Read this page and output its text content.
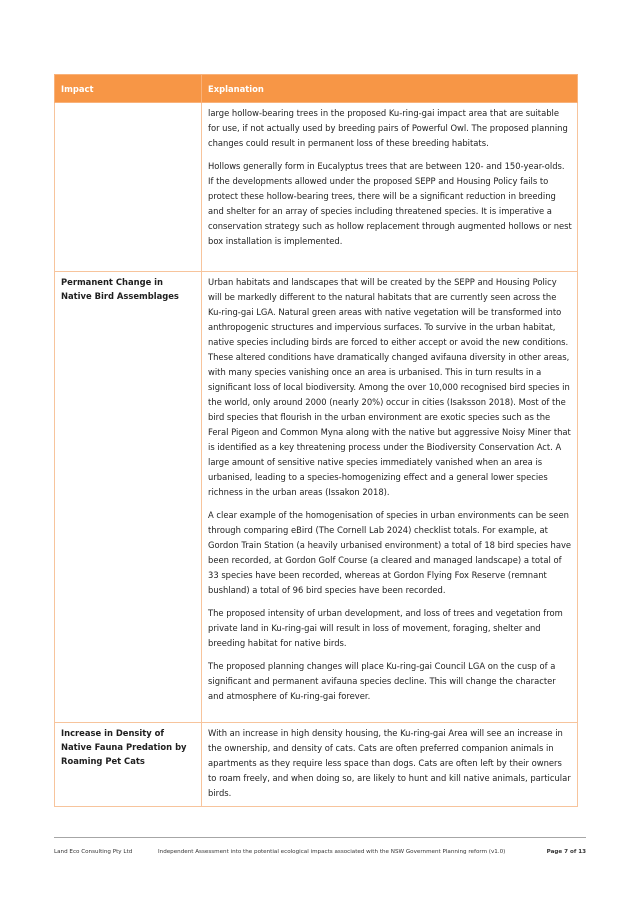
Impact	Explanation

	large hollow-bearing trees in the proposed Ku-ring-gai impact area that are suitable for use, if not actually used by breeding pairs of Powerful Owl. The proposed planning changes could result in permanent loss of these breeding habitats.

Hollows generally form in Eucalyptus trees that are between 120- and 150-year-olds. If the developments allowed under the proposed SEPP and Housing Policy fails to protect these hollow-bearing trees, there will be a significant reduction in breeding and shelter for an array of species including threatened species. It is imperative a conservation strategy such as hollow replacement through augmented hollows or nest box installation is implemented.

Permanent Change in Native Bird Assemblages	Urban habitats and landscapes that will be created by the SEPP and Housing Policy will be markedly different to the natural habitats that are currently seen across the Ku-ring-gai LGA. Natural green areas with native vegetation will be transformed into anthropogenic structures and impervious surfaces. To survive in the urban habitat, native species including birds are forced to either accept or avoid the new conditions. These altered conditions have dramatically changed avifauna diversity in other areas, with many species vanishing once an area is urbanised. This in turn results in a significant loss of local biodiversity. Among the over 10,000 recognised bird species in the world, only around 2000 (nearly 20%) occur in cities (Isaksson 2018). Most of the bird species that flourish in the urban environment are exotic species such as the Feral Pigeon and Common Myna along with the native but aggressive Noisy Miner that is identified as a key threatening process under the Biodiversity Conservation Act. A large amount of sensitive native species immediately vanished when an area is urbanised, leading to a species-homogenizing effect and a general lower species richness in the urban areas (Issakon 2018).

A clear example of the homogenisation of species in urban environments can be seen through comparing eBird (The Cornell Lab 2024) checklist totals. For example, at Gordon Train Station (a heavily urbanised environment) a total of 18 bird species have been recorded, at Gordon Golf Course (a cleared and managed landscape) a total of 33 species have been recorded, whereas at Gordon Flying Fox Reserve (remnant bushland) a total of 96 bird species have been recorded.

The proposed intensity of urban development, and loss of trees and vegetation from private land in Ku-ring-gai will result in loss of movement, foraging, shelter and breeding habitat for native birds.

The proposed planning changes will place Ku-ring-gai Council LGA on the cusp of a significant and permanent avifauna species decline. This will change the character and atmosphere of Ku-ring-gai forever.

Increase in Density of Native Fauna Predation by Roaming Pet Cats	With an increase in high density housing, the Ku-ring-gai Area will see an increase in the ownership, and density of cats. Cats are often preferred companion animals in apartments as they require less space than dogs. Cats are often left by their owners to roam freely, and when doing so, are likely to hunt and kill native animals, particular birds.

Land Eco Consulting Pty Ltd	Independent Assessment into the potential ecological impacts associated with the NSW Government Planning reform (v1.0)	Page 7 of 13
